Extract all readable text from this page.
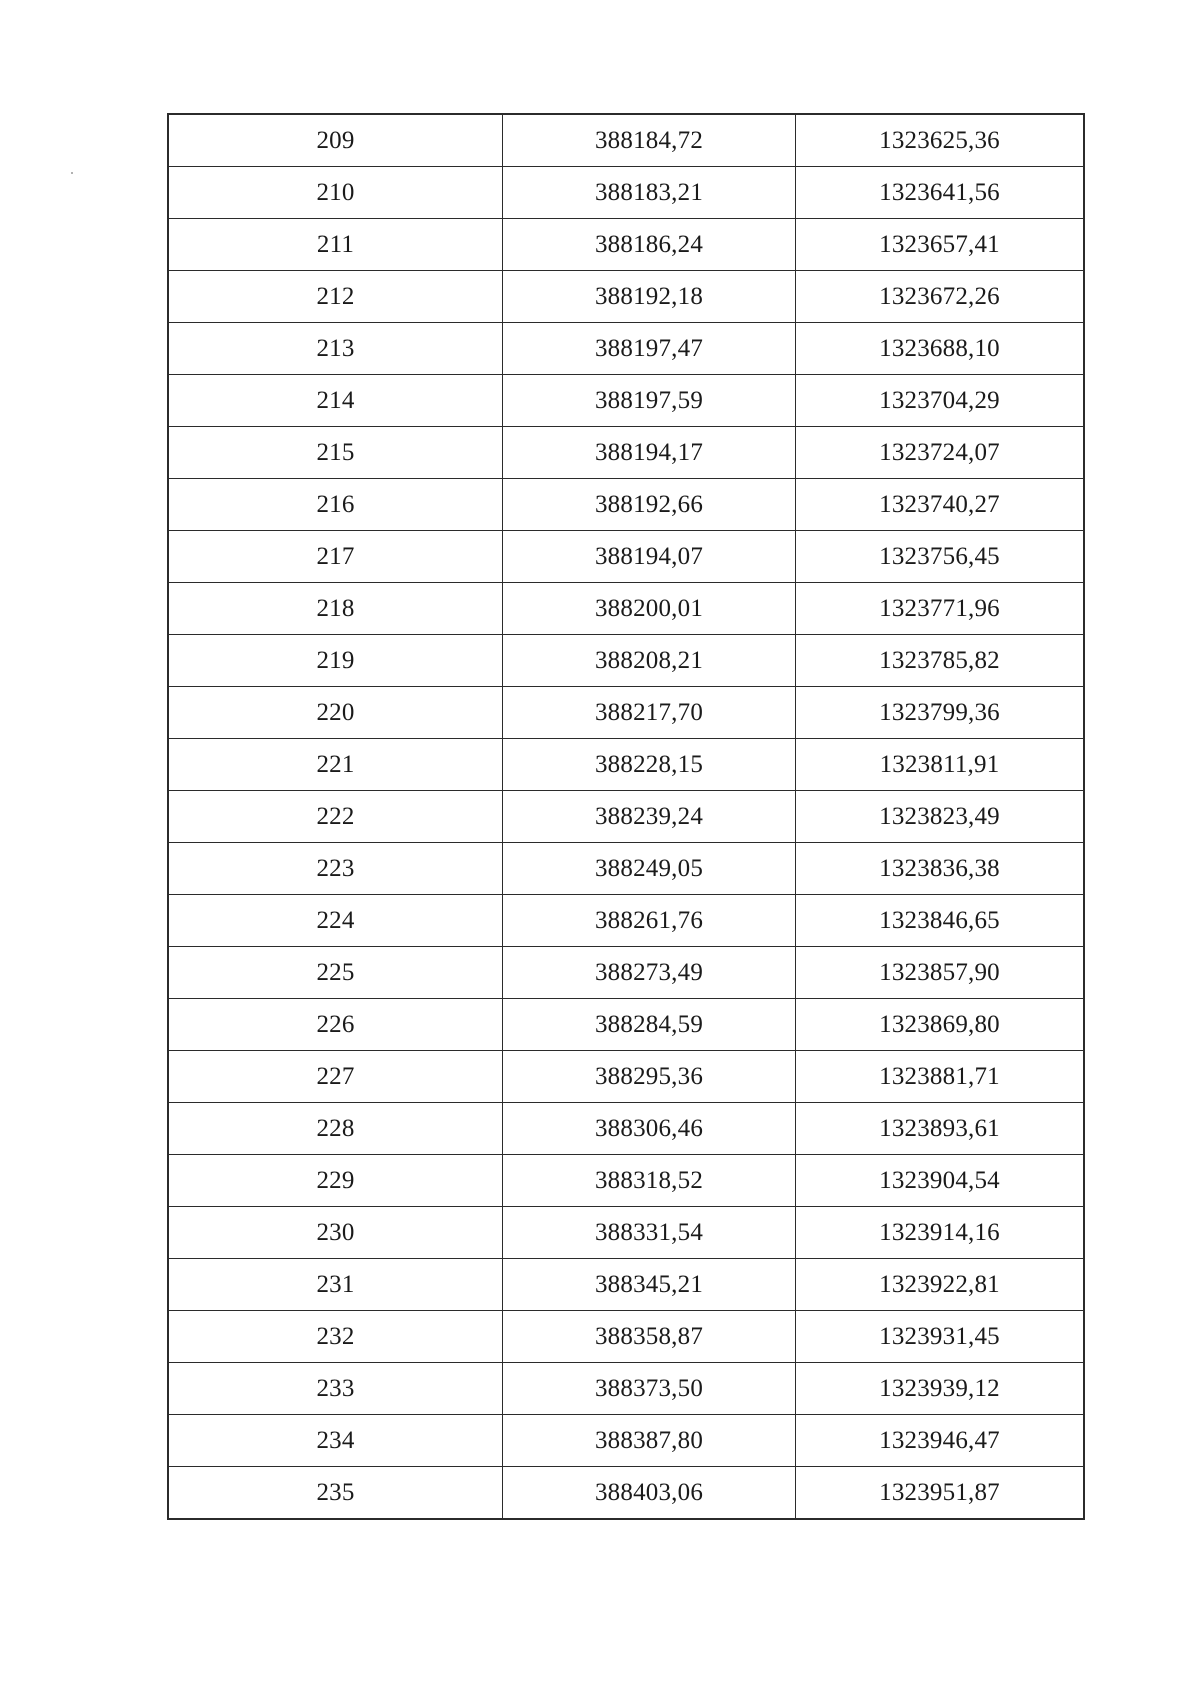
209	388184,72	1323625,36
210	388183,21	1323641,56
211	388186,24	1323657,41
212	388192,18	1323672,26
213	388197,47	1323688,10
214	388197,59	1323704,29
215	388194,17	1323724,07
216	388192,66	1323740,27
217	388194,07	1323756,45
218	388200,01	1323771,96
219	388208,21	1323785,82
220	388217,70	1323799,36
221	388228,15	1323811,91
222	388239,24	1323823,49
223	388249,05	1323836,38
224	388261,76	1323846,65
225	388273,49	1323857,90
226	388284,59	1323869,80
227	388295,36	1323881,71
228	388306,46	1323893,61
229	388318,52	1323904,54
230	388331,54	1323914,16
231	388345,21	1323922,81
232	388358,87	1323931,45
233	388373,50	1323939,12
234	388387,80	1323946,47
235	388403,06	1323951,87
